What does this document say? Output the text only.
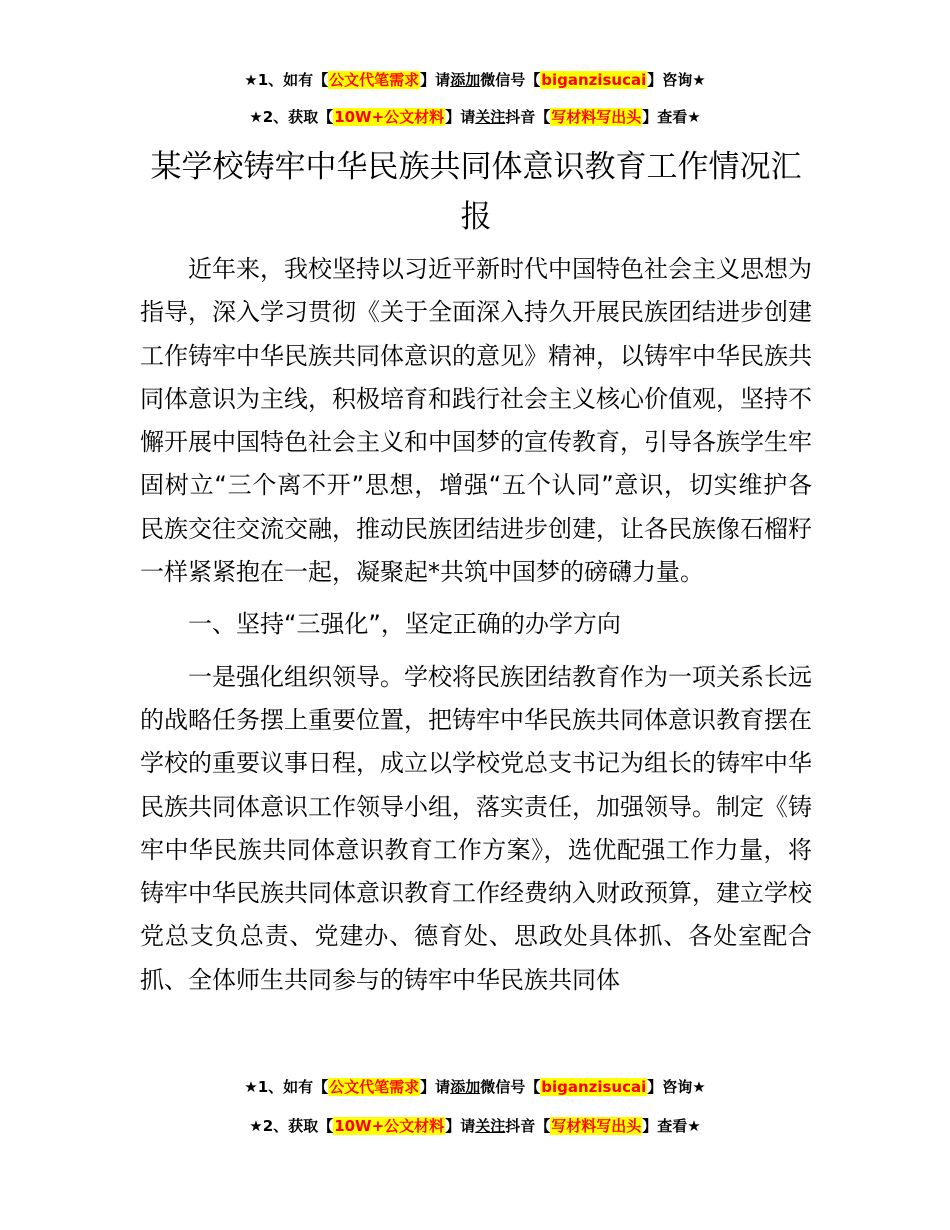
★1、如有【公文代笔需求】请添加微信号【biganzisucai】咨询★
★2、获取【10W+公文材料】请关注抖音【写材料写出头】查看★
某学校铸牢中华民族共同体意识教育工作情况汇报

近年来，我校坚持以习近平新时代中国特色社会主义思想为指导，深入学习贯彻《关于全面深入持久开展民族团结进步创建工作铸牢中华民族共同体意识的意见》精神，以铸牢中华民族共同体意识为主线，积极培育和践行社会主义核心价值观，坚持不懈开展中国特色社会主义和中国梦的宣传教育，引导各族学生牢固树立“三个离不开”思想，增强“五个认同”意识，切实维护各民族交往交流交融，推动民族团结进步创建，让各民族像石榴籽一样紧紧抱在一起，凝聚起*共筑中国梦的磅礴力量。

一、坚持“三强化”，坚定正确的办学方向

一是强化组织领导。学校将民族团结教育作为一项关系长远的战略任务摆上重要位置，把铸牢中华民族共同体意识教育摆在学校的重要议事日程，成立以学校党总支书记为组长的铸牢中华民族共同体意识工作领导小组，落实责任，加强领导。制定《铸牢中华民族共同体意识教育工作方案》，选优配强工作力量，将铸牢中华民族共同体意识教育工作经费纳入财政预算，建立学校党总支负总责、党建办、德育处、思政处具体抓、各处室配合抓、全体师生共同参与的铸牢中华民族共同体

★1、如有【公文代笔需求】请添加微信号【biganzisucai】咨询★
★2、获取【10W+公文材料】请关注抖音【写材料写出头】查看★
